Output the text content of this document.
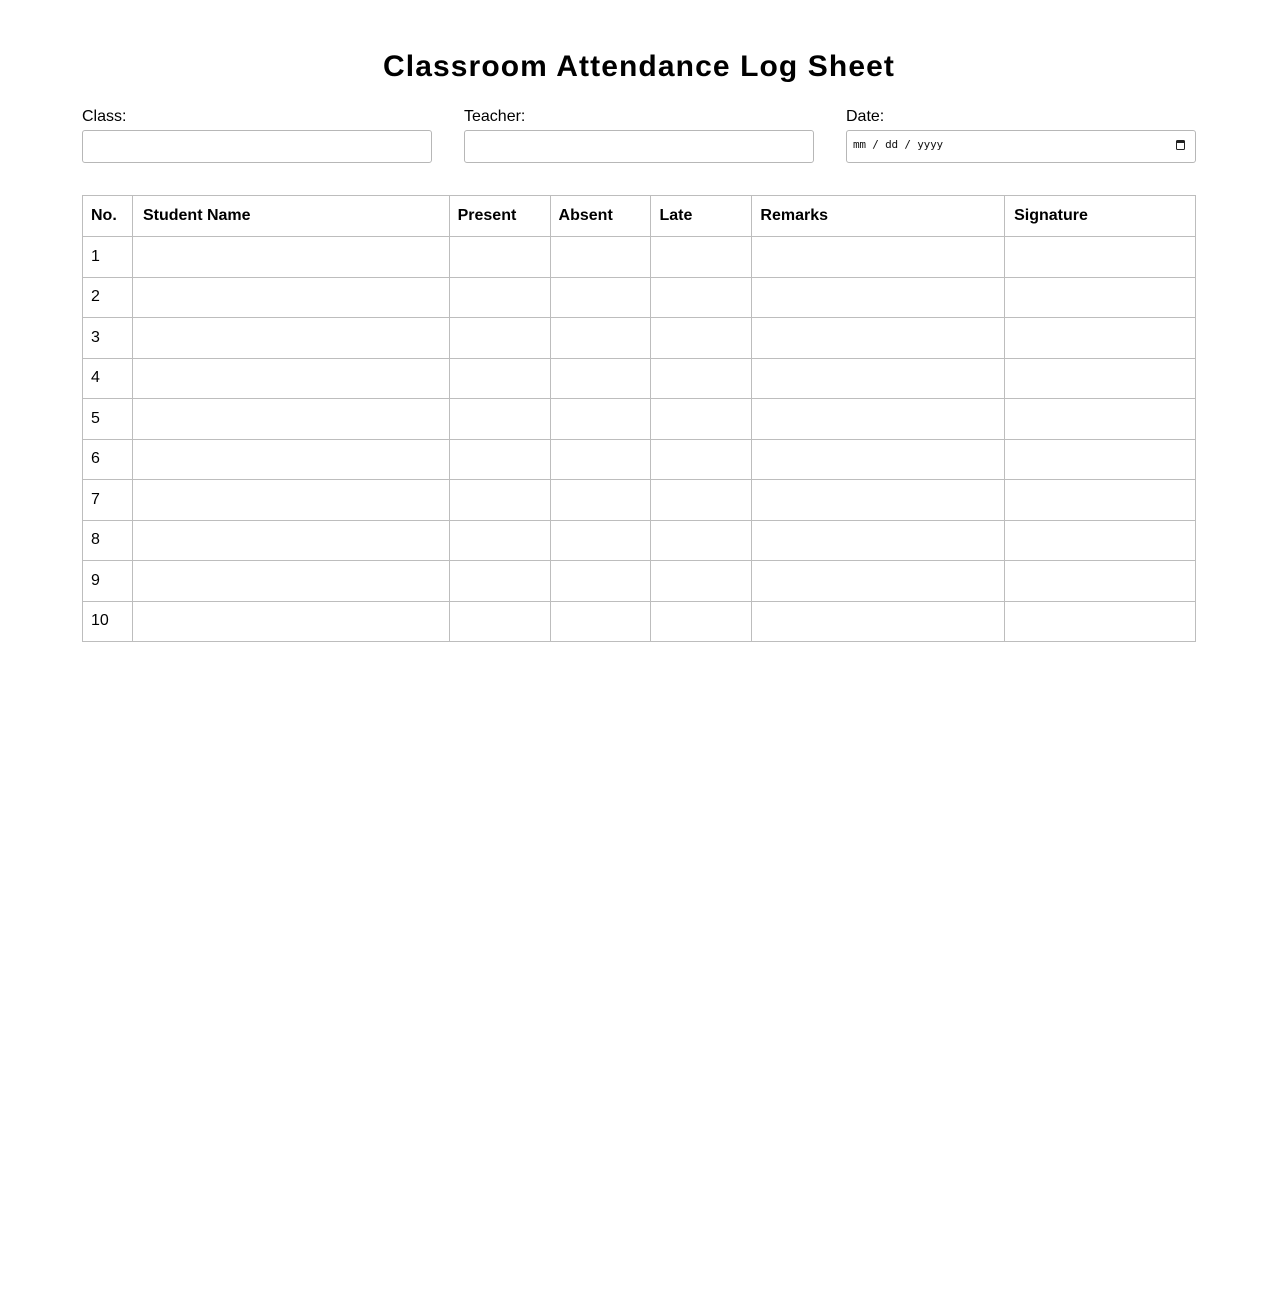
Classroom Attendance Log Sheet
Class:	Teacher:	Date:
mm / dd / yyyy
No.	Student Name	Present	Absent	Late	Remarks	Signature
1						
2						
3						
4						
5						
6						
7						
8						
9						
10						
